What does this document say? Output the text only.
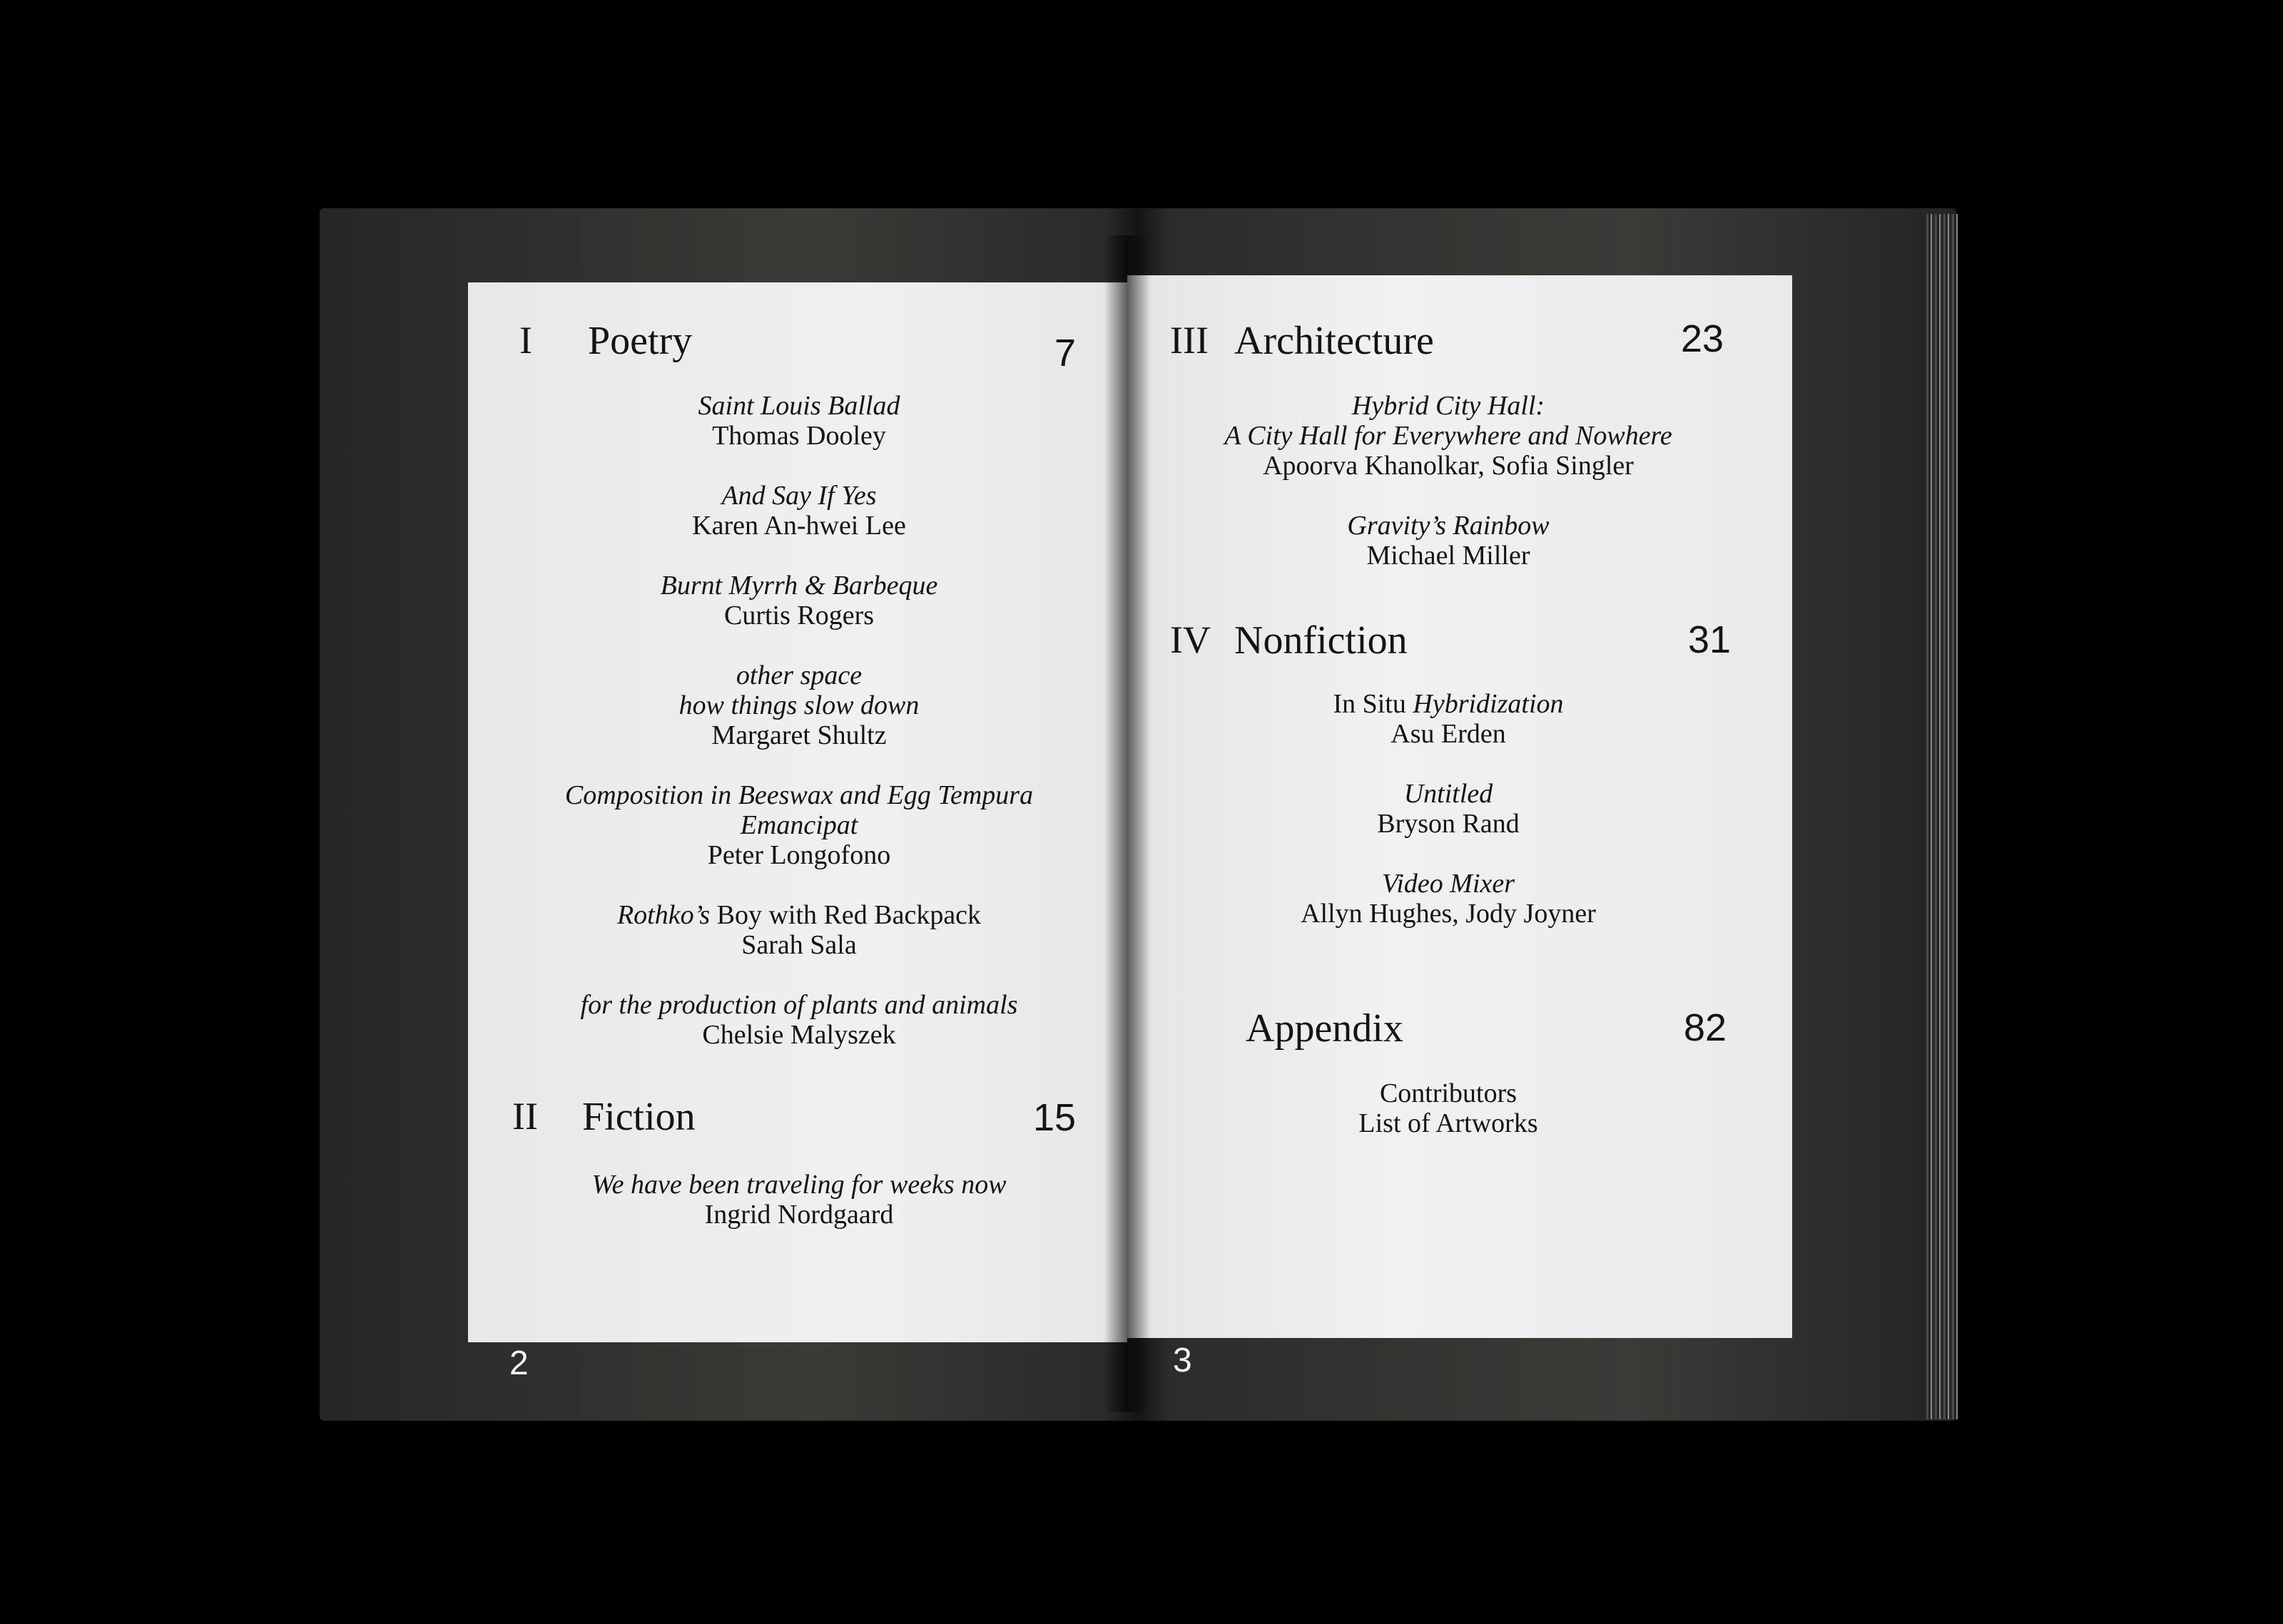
I Poetry	7
Saint Louis Ballad
Thomas Dooley
And Say If Yes
Karen An-hwei Lee
Burnt Myrrh & Barbeque
Curtis Rogers
other space
how things slow down
Margaret Shultz
Composition in Beeswax and Egg Tempura
Emancipat
Peter Longofono
Rothko’s Boy with Red Backpack
Sarah Sala
for the production of plants and animals
Chelsie Malyszek
II Fiction	15
We have been traveling for weeks now
Ingrid Nordgaard
2
III Architecture	23
Hybrid City Hall:
A City Hall for Everywhere and Nowhere
Apoorva Khanolkar, Sofia Singler
Gravity’s Rainbow
Michael Miller
IV Nonfiction	31
In Situ Hybridization
Asu Erden
Untitled
Bryson Rand
Video Mixer
Allyn Hughes, Jody Joyner
Appendix	82
Contributors
List of Artworks
3
